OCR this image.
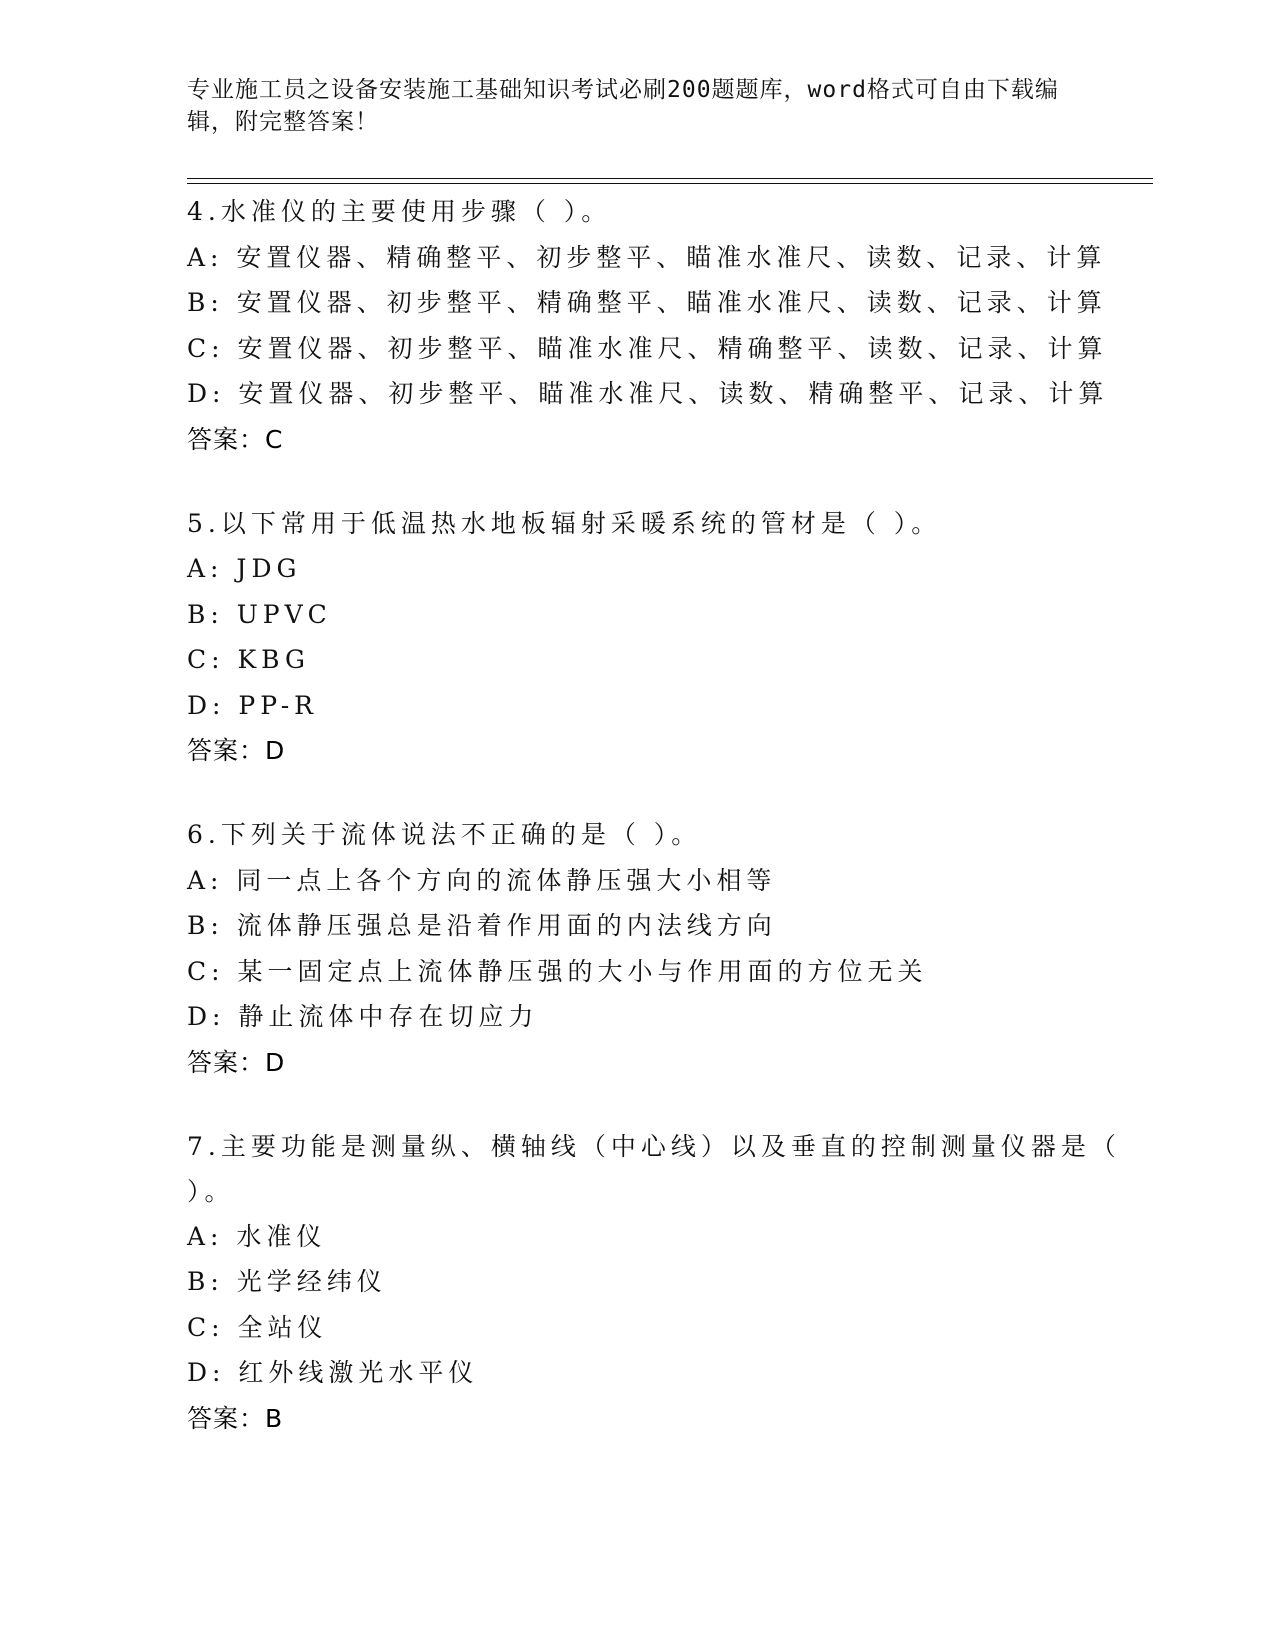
专业施工员之设备安装施工基础知识考试必刷200题题库，word格式可自由下载编辑，附完整答案！
4.水准仪的主要使用步骤（ ）。
A: 安置仪器、精确整平、初步整平、瞄准水准尺、读数、记录、计算
B: 安置仪器、初步整平、精确整平、瞄准水准尺、读数、记录、计算
C: 安置仪器、初步整平、瞄准水准尺、精确整平、读数、记录、计算
D: 安置仪器、初步整平、瞄准水准尺、读数、精确整平、记录、计算
答案：C
5.以下常用于低温热水地板辐射采暖系统的管材是（ ）。
A: JDG
B: UPVC
C: KBG
D: PP-R
答案：D
6.下列关于流体说法不正确的是（ ）。
A: 同一点上各个方向的流体静压强大小相等
B: 流体静压强总是沿着作用面的内法线方向
C: 某一固定点上流体静压强的大小与作用面的方位无关
D: 静止流体中存在切应力
答案：D
7.主要功能是测量纵、横轴线（中心线）以及垂直的控制测量仪器是（ ）。
A: 水准仪
B: 光学经纬仪
C: 全站仪
D: 红外线激光水平仪
答案：B
